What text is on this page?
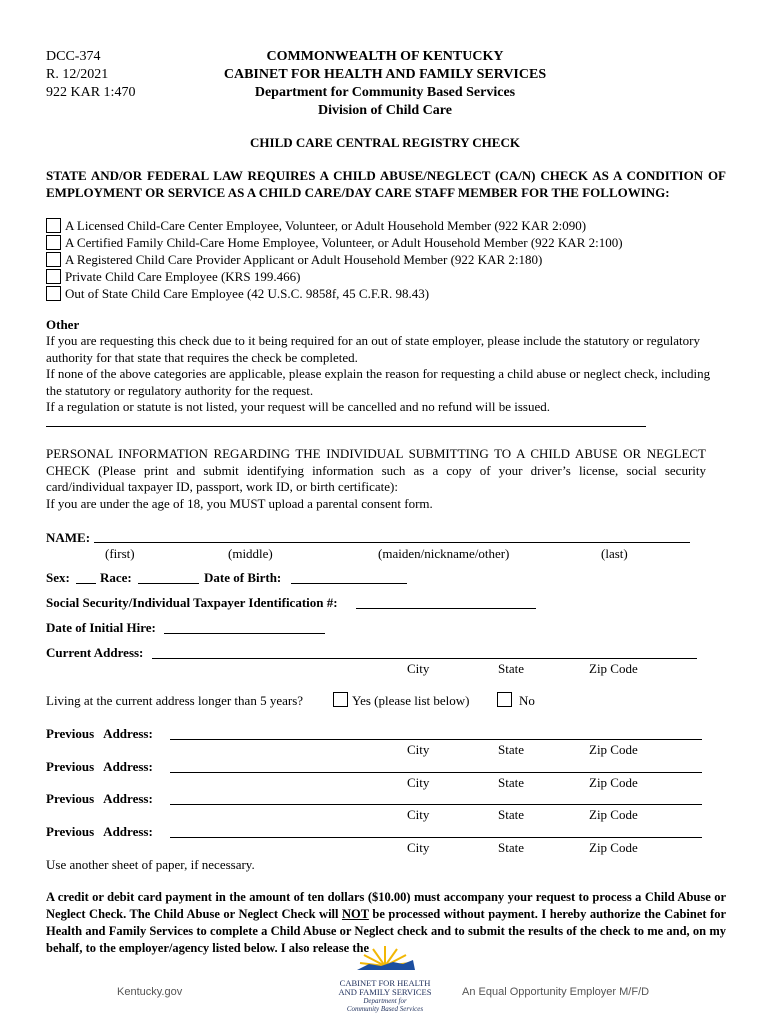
DCC-374
R. 12/2021
922 KAR 1:470
COMMONWEALTH OF KENTUCKY
CABINET FOR HEALTH AND FAMILY SERVICES
Department for Community Based Services
Division of Child Care
CHILD CARE CENTRAL REGISTRY CHECK
STATE AND/OR FEDERAL LAW REQUIRES A CHILD ABUSE/NEGLECT (CA/N) CHECK AS A CONDITION OF EMPLOYMENT OR SERVICE AS A CHILD CARE/DAY CARE STAFF MEMBER FOR THE FOLLOWING:
A Licensed Child-Care Center Employee, Volunteer, or Adult Household Member (922 KAR 2:090)
A Certified Family Child-Care Home Employee, Volunteer, or Adult Household Member (922 KAR 2:100)
A Registered Child Care Provider Applicant or Adult Household Member (922 KAR 2:180)
Private Child Care Employee (KRS 199.466)
Out of State Child Care Employee (42 U.S.C. 9858f, 45 C.F.R. 98.43)
Other
If you are requesting this check due to it being required for an out of state employer, please include the statutory or regulatory authority for that state that requires the check be completed.
If none of the above categories are applicable, please explain the reason for requesting a child abuse or neglect check, including the statutory or regulatory authority for the request.
If a regulation or statute is not listed, your request will be cancelled and no refund will be issued.
PERSONAL INFORMATION REGARDING THE INDIVIDUAL SUBMITTING TO A CHILD ABUSE OR NEGLECT CHECK (Please print and submit identifying information such as a copy of your driver’s license, social security card/individual taxpayer ID, passport, work ID, or birth certificate):
If you are under the age of 18, you MUST upload a parental consent form.
NAME:
(first)	(middle)	(maiden/nickname/other)	(last)
Sex: Race:	Date of Birth:
Social Security/Individual Taxpayer Identification #:
Date of Initial Hire:
Current Address:
City	State	Zip Code
Living at the current address longer than 5 years?	Yes (please list below)	No
Previous   Address:
City	State	Zip Code
Previous   Address:
City	State	Zip Code
Previous   Address:
City	State	Zip Code
Previous   Address:
City	State	Zip Code
Use another sheet of paper, if necessary.
A credit or debit card payment in the amount of ten dollars ($10.00) must accompany your request to process a Child Abuse or Neglect Check. The Child Abuse or Neglect Check will NOT be processed without payment. I hereby authorize the Cabinet for Health and Family Services to complete a Child Abuse or Neglect check and to submit the results of the check to me and, on my behalf, to the employer/agency listed below. I also release the
Kentucky.gov
CABINET FOR HEALTH
AND FAMILY SERVICES
Department for
Community Based Services
An Equal Opportunity Employer M/F/D
